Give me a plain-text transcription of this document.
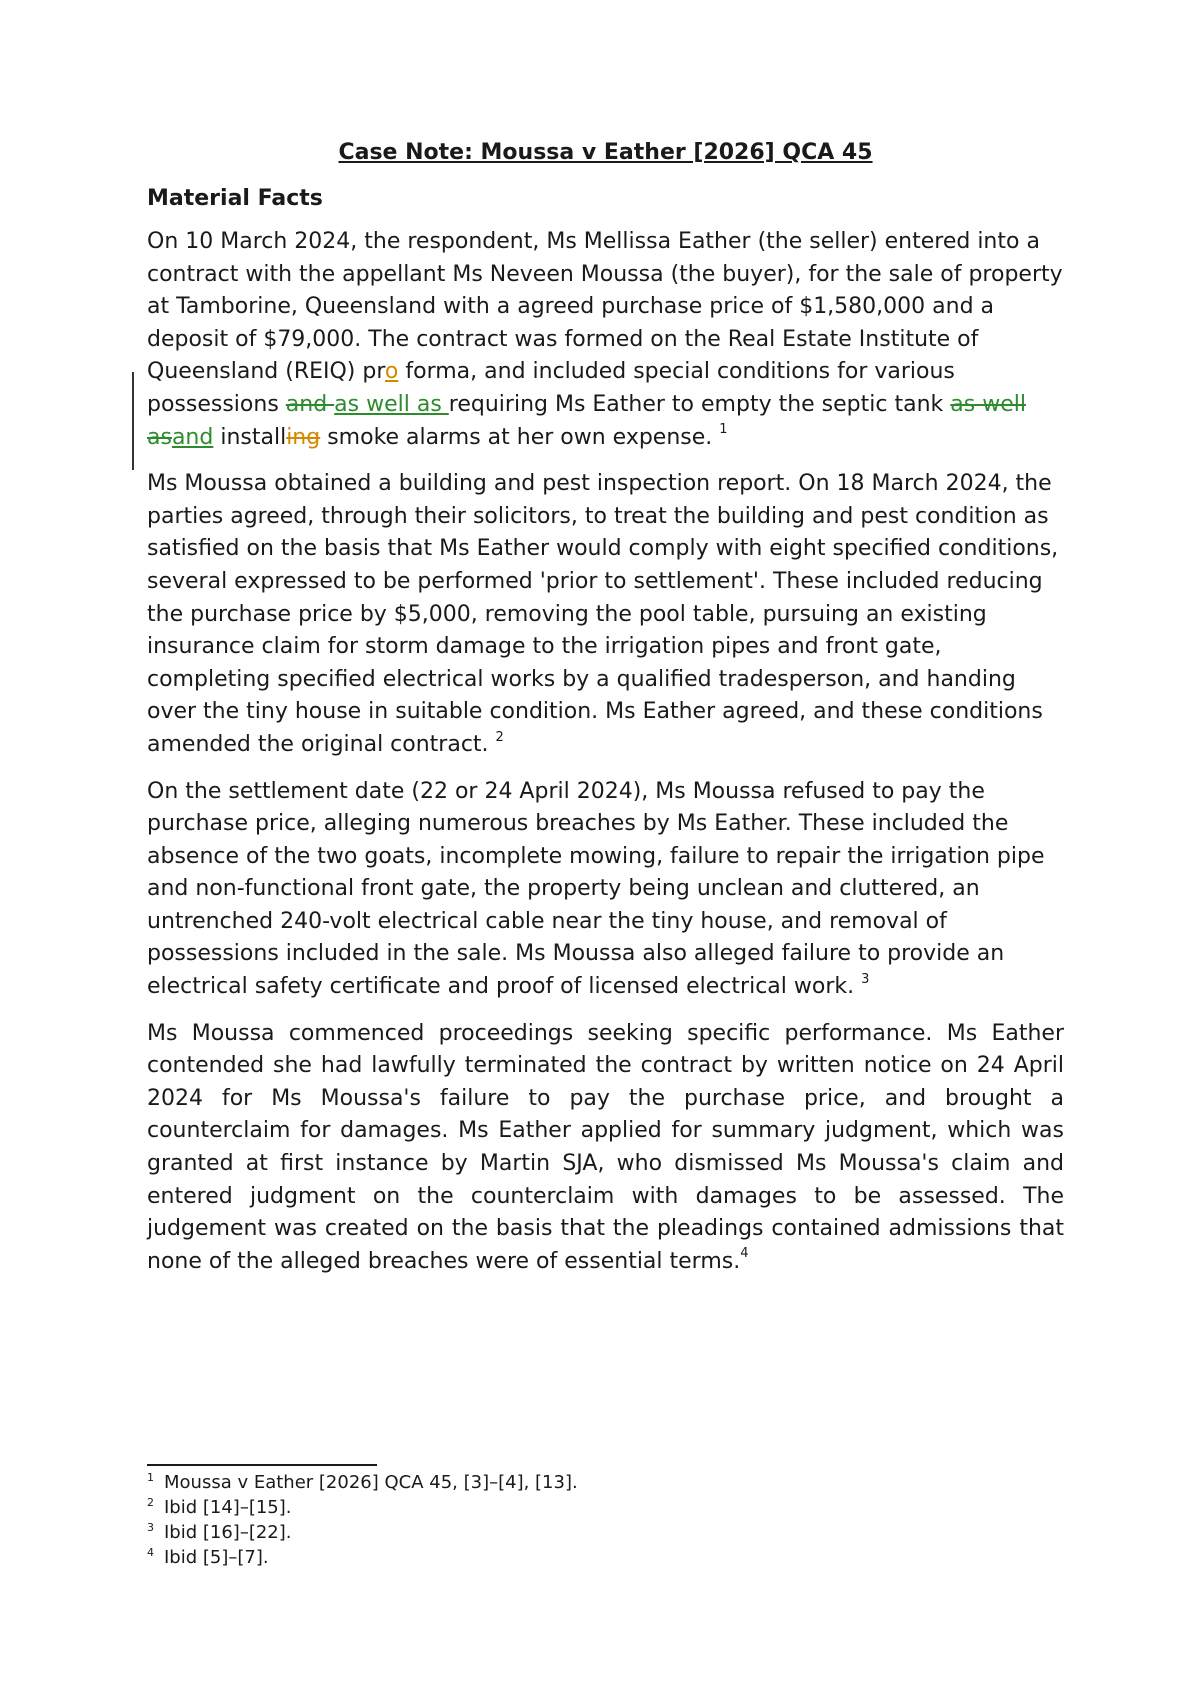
Case Note: Moussa v Eather [2026] QCA 45
Material Facts

On 10 March 2024, the respondent, Ms Mellissa Eather (the seller) entered into a contract with the appellant Ms Neveen Moussa (the buyer), for the sale of property at Tamborine, Queensland with a agreed purchase price of $1,580,000 and a deposit of $79,000. The contract was formed on the Real Estate Institute of Queensland (REIQ) pro forma, and included special conditions for various possessions and as well as requiring Ms Eather to empty the septic tank as well asand installing smoke alarms at her own expense. $^1$

Ms Moussa obtained a building and pest inspection report. On 18 March 2024, the parties agreed, through their solicitors, to treat the building and pest condition as satisfied on the basis that Ms Eather would comply with eight specified conditions, several expressed to be performed 'prior to settlement'. These included reducing the purchase price by $5,000, removing the pool table, pursuing an existing insurance claim for storm damage to the irrigation pipes and front gate, completing specified electrical works by a qualified tradesperson, and handing over the tiny house in suitable condition. Ms Eather agreed, and these conditions amended the original contract. $^2$

On the settlement date (22 or 24 April 2024), Ms Moussa refused to pay the purchase price, alleging numerous breaches by Ms Eather. These included the absence of the two goats, incomplete mowing, failure to repair the irrigation pipe and non-functional front gate, the property being unclean and cluttered, an untrenched 240-volt electrical cable near the tiny house, and removal of possessions included in the sale. Ms Moussa also alleged failure to provide an electrical safety certificate and proof of licensed electrical work. $^3$

Ms Moussa commenced proceedings seeking specific performance. Ms Eather contended she had lawfully terminated the contract by written notice on 24 April 2024 for Ms Moussa's failure to pay the purchase price, and brought a counterclaim for damages. Ms Eather applied for summary judgment, which was granted at first instance by Martin SJA, who dismissed Ms Moussa's claim and entered judgment on the counterclaim with damages to be assessed. The judgement was created on the basis that the pleadings contained admissions that none of the alleged breaches were of essential terms.$^4$

$^1$ Moussa v Eather [2026] QCA 45, [3]–[4], [13].

$^2$ Ibid [14]–[15].

$^3$ Ibid [16]–[22].

$^4$ Ibid [5]–[7].
